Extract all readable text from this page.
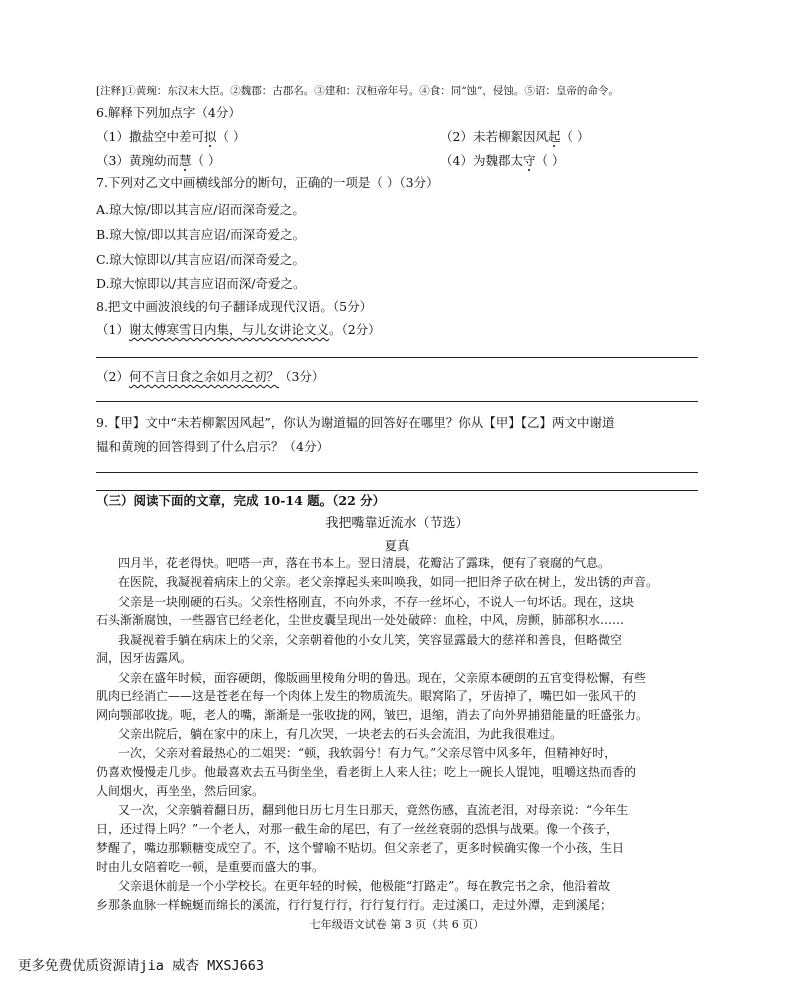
[注释]①黄琬：东汉末大臣。②魏郡：古郡名。③建和：汉桓帝年号。④食：同“蚀”，侵蚀。⑤诏：皇帝的命令。
6.解释下列加点字（4分）
（1）撒盐空中差可拟（ ）	（2）未若柳絮因风起（ ）
（3）黄琬幼而慧（ ）	（4）为魏郡太守（ ）
7.下列对乙文中画横线部分的断句，正确的一项是（ ）（3分）
A.琼大惊/即以其言应/诏而深奇爱之。
B.琼大惊/即以其言应诏/而深奇爱之。
C.琼大惊即以/其言应诏/而深奇爱之。
D.琼大惊即以/其言应诏而深/奇爱之。
8.把文中画波浪线的句子翻译成现代汉语。（5分）
（1）谢太傅寒雪日内集，与儿女讲论文义。（2分）
（2）何不言日食之余如月之初？（3分）
9.【甲】文中“未若柳絮因风起”，你认为谢道韫的回答好在哪里？你从【甲】【乙】两文中谢道
韫和黄琬的回答得到了什么启示？（4分）
（三）阅读下面的文章，完成 10-14 题。（22 分）
我把嘴靠近流水（节选）
夏真
四月半，花老得快。吧嗒一声，落在书本上。翌日清晨，花瓣沾了露珠，便有了衰腐的气息。
在医院，我凝视着病床上的父亲。老父亲撑起头来叫唤我，如同一把旧斧子砍在树上，发出锈的声音。
父亲是一块刚硬的石头。父亲性格刚直，不向外求，不存一丝坏心，不说人一句坏话。现在，这块
石头渐渐腐蚀，一些器官已经老化，尘世皮囊呈现出一处处破碎：血栓，中风，房颤，肺部积水……
我凝视着手躺在病床上的父亲，父亲朝着他的小女儿笑，笑容显露最大的慈祥和善良，但略微空
洞，因牙齿露风。
父亲在盛年时候，面容硬朗，像版画里棱角分明的鲁迅。现在，父亲原本硬朗的五官变得松懈，有些
肌肉已经消亡——这是苍老在每一个肉体上发生的物质流失。眼窝陷了，牙齿掉了，嘴巴如一张风干的
网向颚部收拢。呃，老人的嘴，渐渐是一张收拢的网，皱巴，退缩，消去了向外界捕猎能量的旺盛张力。
父亲出院后，躺在家中的床上，有几次哭，一块老去的石头会流泪，为此我很难过。
一次，父亲对着最热心的二姐哭：“顿，我软弱兮！有力气。”父亲尽管中风多年，但精神好时，
仍喜欢慢慢走几步。他最喜欢去五马街坐坐，看老街上人来人往；吃上一碗长人馄饨，咀嚼这热而香的
人间烟火，再坐坐，然后回家。
又一次，父亲躺着翻日历，翻到他日历七月生日那天，竟然伤感，直流老泪，对母亲说：“今年生
日，还过得上吗？”一个老人，对那一截生命的尾巴，有了一丝丝衰弱的恐惧与战栗。像一个孩子，
梦醒了，嘴边那颗糖变成空了。不，这个譬喻不贴切。但父亲老了，更多时候确实像一个小孩，生日
时由儿女陪着吃一顿，是重要而盛大的事。
父亲退休前是一个小学校长。在更年轻的时候，他极能“打路走”。每在教完书之余，他沿着故
乡那条血脉一样蜿蜒而绵长的溪流，行行复行行，行行复行行。走过溪口，走过外潭，走到溪尾；
七年级语文试卷 第 3 页（共 6 页）
更多免费优质资源请jia 威杏 MXSJ663
